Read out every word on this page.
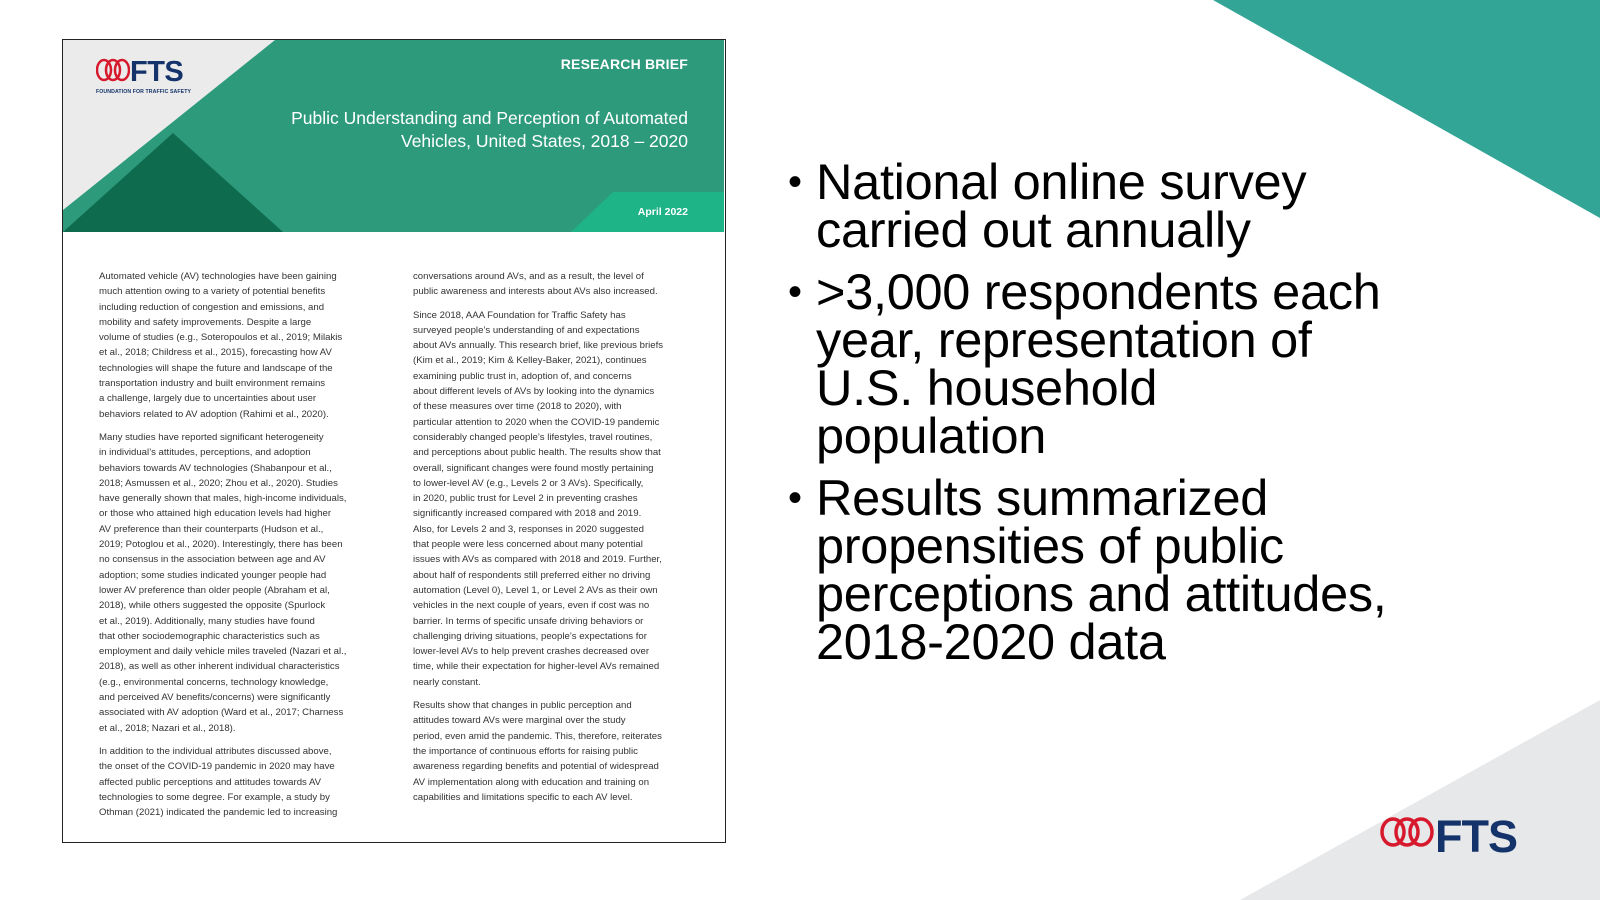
FTS
FOUNDATION FOR TRAFFIC SAFETY
RESEARCH BRIEF
Public Understanding and Perception of Automated Vehicles, United States, 2018 – 2020
April 2022

Automated vehicle (AV) technologies have been gaining
much attention owing to a variety of potential benefits
including reduction of congestion and emissions, and
mobility and safety improvements. Despite a large
volume of studies (e.g., Soteropoulos et al., 2019; Milakis
et al., 2018; Childress et al., 2015), forecasting how AV
technologies will shape the future and landscape of the
transportation industry and built environment remains
a challenge, largely due to uncertainties about user
behaviors related to AV adoption (Rahimi et al., 2020).

Many studies have reported significant heterogeneity
in individual’s attitudes, perceptions, and adoption
behaviors towards AV technologies (Shabanpour et al.,
2018; Asmussen et al., 2020; Zhou et al., 2020). Studies
have generally shown that males, high-income individuals,
or those who attained high education levels had higher
AV preference than their counterparts (Hudson et al.,
2019; Potoglou et al., 2020). Interestingly, there has been
no consensus in the association between age and AV
adoption; some studies indicated younger people had
lower AV preference than older people (Abraham et al,
2018), while others suggested the opposite (Spurlock
et al., 2019). Additionally, many studies have found
that other sociodemographic characteristics such as
employment and daily vehicle miles traveled (Nazari et al.,
2018), as well as other inherent individual characteristics
(e.g., environmental concerns, technology knowledge,
and perceived AV benefits/concerns) were significantly
associated with AV adoption (Ward et al., 2017; Charness
et al., 2018; Nazari et al., 2018).

In addition to the individual attributes discussed above,
the onset of the COVID-19 pandemic in 2020 may have
affected public perceptions and attitudes towards AV
technologies to some degree. For example, a study by
Othman (2021) indicated the pandemic led to increasing

conversations around AVs, and as a result, the level of
public awareness and interests about AVs also increased.

Since 2018, AAA Foundation for Traffic Safety has
surveyed people’s understanding of and expectations
about AVs annually. This research brief, like previous briefs
(Kim et al., 2019; Kim & Kelley-Baker, 2021), continues
examining public trust in, adoption of, and concerns
about different levels of AVs by looking into the dynamics
of these measures over time (2018 to 2020), with
particular attention to 2020 when the COVID-19 pandemic
considerably changed people’s lifestyles, travel routines,
and perceptions about public health. The results show that
overall, significant changes were found mostly pertaining
to lower-level AV (e.g., Levels 2 or 3 AVs). Specifically,
in 2020, public trust for Level 2 in preventing crashes
significantly increased compared with 2018 and 2019.
Also, for Levels 2 and 3, responses in 2020 suggested
that people were less concerned about many potential
issues with AVs as compared with 2018 and 2019. Further,
about half of respondents still preferred either no driving
automation (Level 0), Level 1, or Level 2 AVs as their own
vehicles in the next couple of years, even if cost was no
barrier. In terms of specific unsafe driving behaviors or
challenging driving situations, people’s expectations for
lower-level AVs to help prevent crashes decreased over
time, while their expectation for higher-level AVs remained
nearly constant.

Results show that changes in public perception and
attitudes toward AVs were marginal over the study
period, even amid the pandemic. This, therefore, reiterates
the importance of continuous efforts for raising public
awareness regarding benefits and potential of widespread
AV implementation along with education and training on
capabilities and limitations specific to each AV level.

• National online survey
carried out annually
• >3,000 respondents each
year, representation of
U.S. household
population
• Results summarized
propensities of public
perceptions and attitudes,
2018-2020 data
FTS
